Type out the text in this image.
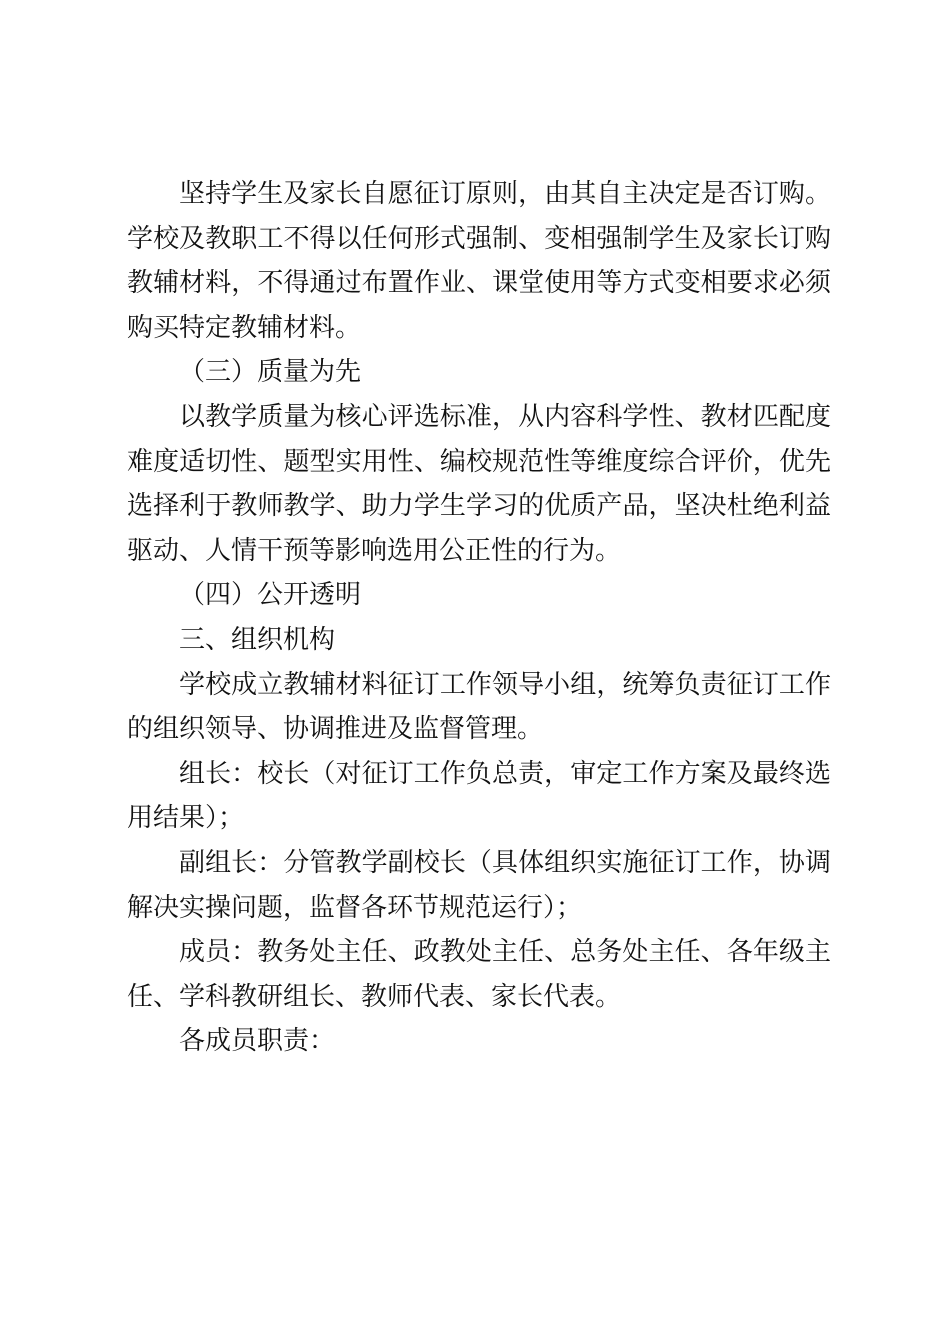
坚持学生及家长自愿征订原则，由其自主决定是否订购。学校及教职工不得以任何形式强制、变相强制学生及家长订购教辅材料，不得通过布置作业、课堂使用等方式变相要求必须购买特定教辅材料。

（三）质量为先

以教学质量为核心评选标准，从内容科学性、教材匹配度难度适切性、题型实用性、编校规范性等维度综合评价，优先选择利于教师教学、助力学生学习的优质产品，坚决杜绝利益驱动、人情干预等影响选用公正性的行为。

（四）公开透明

三、组织机构

学校成立教辅材料征订工作领导小组，统筹负责征订工作的组织领导、协调推进及监督管理。

组长：校长（对征订工作负总责，审定工作方案及最终选用结果）；

副组长：分管教学副校长（具体组织实施征订工作，协调解决实操问题，监督各环节规范运行）；

成员：教务处主任、政教处主任、总务处主任、各年级主任、学科教研组长、教师代表、家长代表。

各成员职责：
